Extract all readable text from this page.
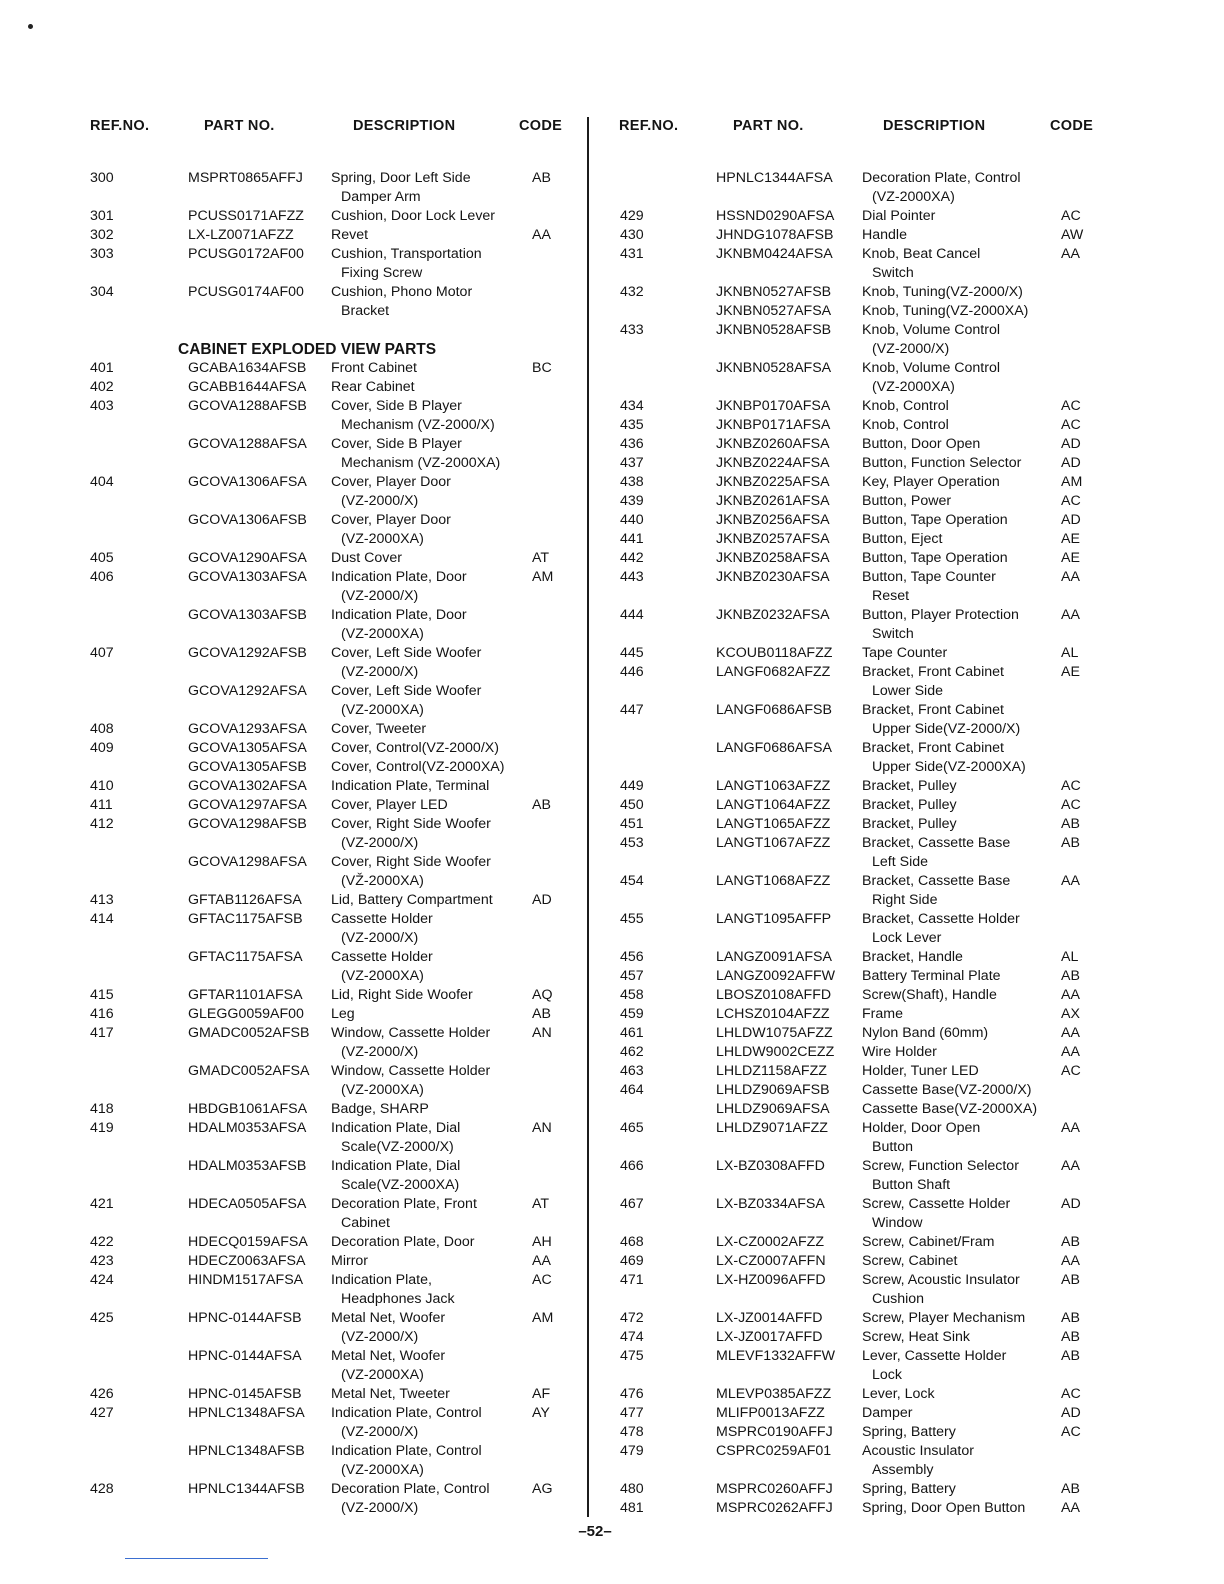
REF.NO.	PART NO.	DESCRIPTION	CODE	REF.NO.	PART NO.	DESCRIPTION	CODE
300	MSPRT0865AFFJ Spring, Door Left Side	AB
Damper Arm
301	PCUSS0171AFZZ Cushion, Door Lock Lever
302	LX-LZ0071AFZZ	Revet	AA
303	PCUSG0172AF00 Cushion, Transportation
Fixing Screw
304	PCUSG0174AF00 Cushion, Phono Motor
Bracket
CABINET EXPLODED VIEW PARTS
401	GCABA1634AFSB Front Cabinet	BC
402	GCABB1644AFSA Rear Cabinet
403	GCOVA1288AFSB Cover, Side B Player
Mechanism (VZ-2000/X)
GCOVA1288AFSA Cover, Side B Player
Mechanism (VZ-2000XA)
404	GCOVA1306AFSA Cover, Player Door
(VZ-2000/X)
GCOVA1306AFSB Cover, Player Door
(VZ-2000XA)
405	GCOVA1290AFSA Dust Cover	AT
406	GCOVA1303AFSA Indication Plate, Door	AM
(VZ-2000/X)
GCOVA1303AFSB Indication Plate, Door
(VZ-2000XA)
407	GCOVA1292AFSB Cover, Left Side Woofer
(VZ-2000/X)
GCOVA1292AFSA Cover, Left Side Woofer
(VZ-2000XA)
408	GCOVA1293AFSA Cover, Tweeter
409	GCOVA1305AFSA Cover, Control(VZ-2000/X)
GCOVA1305AFSB Cover, Control(VZ-2000XA)
410	GCOVA1302AFSA Indication Plate, Terminal
411	GCOVA1297AFSA Cover, Player LED	AB
412	GCOVA1298AFSB Cover, Right Side Woofer
(VZ-2000/X)
GCOVA1298AFSA Cover, Right Side Woofer
(VŽ-2000XA)
413	GFTAB1126AFSA Lid, Battery Compartment	AD
414	GFTAC1175AFSB Cassette Holder
(VZ-2000/X)
GFTAC1175AFSA Cassette Holder
(VZ-2000XA)
415	GFTAR1101AFSA Lid, Right Side Woofer	AQ
416	GLEGG0059AF00 Leg	AB
417	GMADC0052AFSB Window, Cassette Holder	AN
(VZ-2000/X)
GMADC0052AFSA Window, Cassette Holder
(VZ-2000XA)
418	HBDGB1061AFSA Badge, SHARP
419	HDALM0353AFSA Indication Plate, Dial	AN
Scale(VZ-2000/X)
HDALM0353AFSB Indication Plate, Dial
Scale(VZ-2000XA)
421	HDECA0505AFSA Decoration Plate, Front	AT
Cabinet
422	HDECQ0159AFSA Decoration Plate, Door	AH
423	HDECZ0063AFSA Mirror	AA
424	HINDM1517AFSA Indication Plate,	AC
Headphones Jack
425	HPNC-0144AFSB Metal Net, Woofer	AM
(VZ-2000/X)
HPNC-0144AFSA Metal Net, Woofer
(VZ-2000XA)
426	HPNC-0145AFSB Metal Net, Tweeter	AF
427	HPNLC1348AFSA Indication Plate, Control	AY
(VZ-2000/X)
HPNLC1348AFSB Indication Plate, Control
(VZ-2000XA)
428	HPNLC1344AFSB Decoration Plate, Control	AG
(VZ-2000/X)
HPNLC1344AFSA Decoration Plate, Control
(VZ-2000XA)
429	HSSND0290AFSA Dial Pointer	AC
430	JHNDG1078AFSB Handle	AW
431	JKNBM0424AFSA Knob, Beat Cancel	AA
Switch
432	JKNBN0527AFSB Knob, Tuning(VZ-2000/X)
JKNBN0527AFSA Knob, Tuning(VZ-2000XA)
433	JKNBN0528AFSB Knob, Volume Control
(VZ-2000/X)
JKNBN0528AFSA Knob, Volume Control
(VZ-2000XA)
434	JKNBP0170AFSA Knob, Control	AC
435	JKNBP0171AFSA Knob, Control	AC
436	JKNBZ0260AFSA Button, Door Open	AD
437	JKNBZ0224AFSA Button, Function Selector	AD
438	JKNBZ0225AFSA Key, Player Operation	AM
439	JKNBZ0261AFSA Button, Power	AC
440	JKNBZ0256AFSA Button, Tape Operation	AD
441	JKNBZ0257AFSA Button, Eject	AE
442	JKNBZ0258AFSA Button, Tape Operation	AE
443	JKNBZ0230AFSA Button, Tape Counter	AA
Reset
444	JKNBZ0232AFSA Button, Player Protection	AA
Switch
445	KCOUB0118AFZZ Tape Counter	AL
446	LANGF0682AFZZ Bracket, Front Cabinet	AE
Lower Side
447	LANGF0686AFSB Bracket, Front Cabinet
Upper Side(VZ-2000/X)
LANGF0686AFSA Bracket, Front Cabinet
Upper Side(VZ-2000XA)
449	LANGT1063AFZZ Bracket, Pulley	AC
450	LANGT1064AFZZ Bracket, Pulley	AC
451	LANGT1065AFZZ Bracket, Pulley	AB
453	LANGT1067AFZZ Bracket, Cassette Base	AB
Left Side
454	LANGT1068AFZZ Bracket, Cassette Base	AA
Right Side
455	LANGT1095AFFP Bracket, Cassette Holder
Lock Lever
456	LANGZ0091AFSA Bracket, Handle	AL
457	LANGZ0092AFFW Battery Terminal Plate	AB
458	LBOSZ0108AFFD Screw(Shaft), Handle	AA
459	LCHSZ0104AFZZ Frame	AX
461	LHLDW1075AFZZ Nylon Band (60mm)	AA
462	LHLDW9002CEZZ Wire Holder	AA
463	LHLDZ1158AFZZ Holder, Tuner LED	AC
464	LHLDZ9069AFSB Cassette Base(VZ-2000/X)
LHLDZ9069AFSA Cassette Base(VZ-2000XA)
465	LHLDZ9071AFZZ Holder, Door Open	AA
Button
466	LX-BZ0308AFFD	Screw, Function Selector	AA
Button Shaft
467	LX-BZ0334AFSA	Screw, Cassette Holder	AD
Window
468	LX-CZ0002AFZZ	Screw, Cabinet/Fram	AB
469	LX-CZ0007AFFN	Screw, Cabinet	AA
471	LX-HZ0096AFFD	Screw, Acoustic Insulator	AB
Cushion
472	LX-JZ0014AFFD	Screw, Player Mechanism	AB
474	LX-JZ0017AFFD	Screw, Heat Sink	AB
475	MLEVF1332AFFW Lever, Cassette Holder	AB
Lock
476	MLEVP0385AFZZ Lever, Lock	AC
477	MLIFP0013AFZZ	Damper	AD
478	MSPRC0190AFFJ Spring, Battery	AC
479	CSPRC0259AF01 Acoustic Insulator
Assembly
480	MSPRC0260AFFJ Spring, Battery	AB
481	MSPRC0262AFFJ Spring, Door Open Button	AA
–52–
